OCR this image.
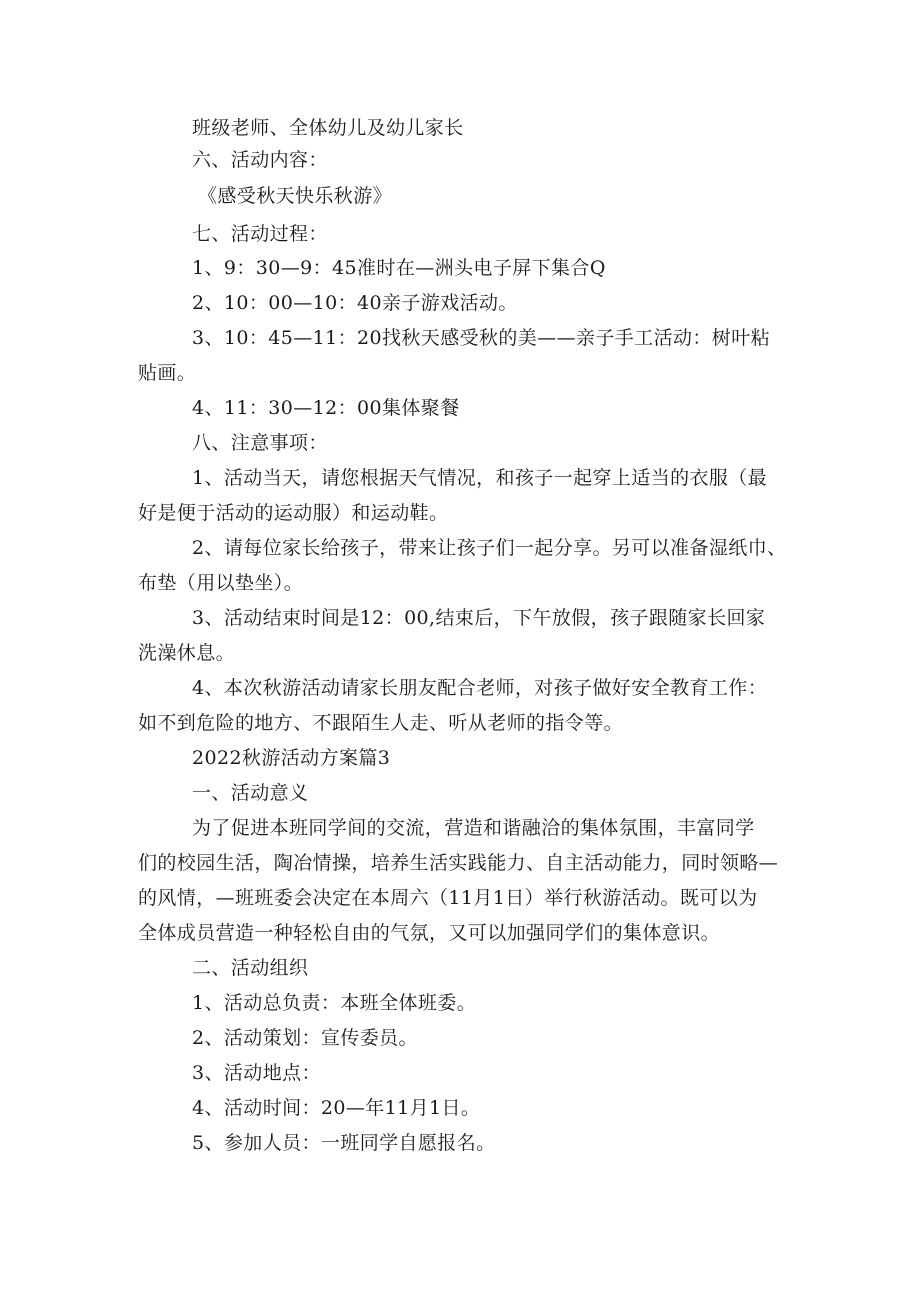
班级老师、全体幼儿及幼儿家长
六、活动内容：
《感受秋天快乐秋游》
七、活动过程：
1、9：30—9：45准时在—洲头电子屏下集合Q
2、10：00—10：40亲子游戏活动。
3、10：45—11：20找秋天感受秋的美——亲子手工活动：树叶粘
贴画。
4、11：30—12：00集体聚餐
八、注意事项：
1、活动当天，请您根据天气情况，和孩子一起穿上适当的衣服（最
好是便于活动的运动服）和运动鞋。
2、请每位家长给孩子，带来让孩子们一起分享。另可以准备湿纸巾、
布垫（用以垫坐）。
3、活动结束时间是12：00,结束后，下午放假，孩子跟随家长回家
洗澡休息。
4、本次秋游活动请家长朋友配合老师，对孩子做好安全教育工作：
如不到危险的地方、不跟陌生人走、听从老师的指令等。
2022秋游活动方案篇3
一、活动意义
为了促进本班同学间的交流，营造和谐融洽的集体氛围，丰富同学
们的校园生活，陶冶情操，培养生活实践能力、自主活动能力，同时领略—
的风情，—班班委会决定在本周六（11月1日）举行秋游活动。既可以为
全体成员营造一种轻松自由的气氛，又可以加强同学们的集体意识。
二、活动组织
1、活动总负责：本班全体班委。
2、活动策划：宣传委员。
3、活动地点：
4、活动时间：20—年11月1日。
5、参加人员：一班同学自愿报名。
